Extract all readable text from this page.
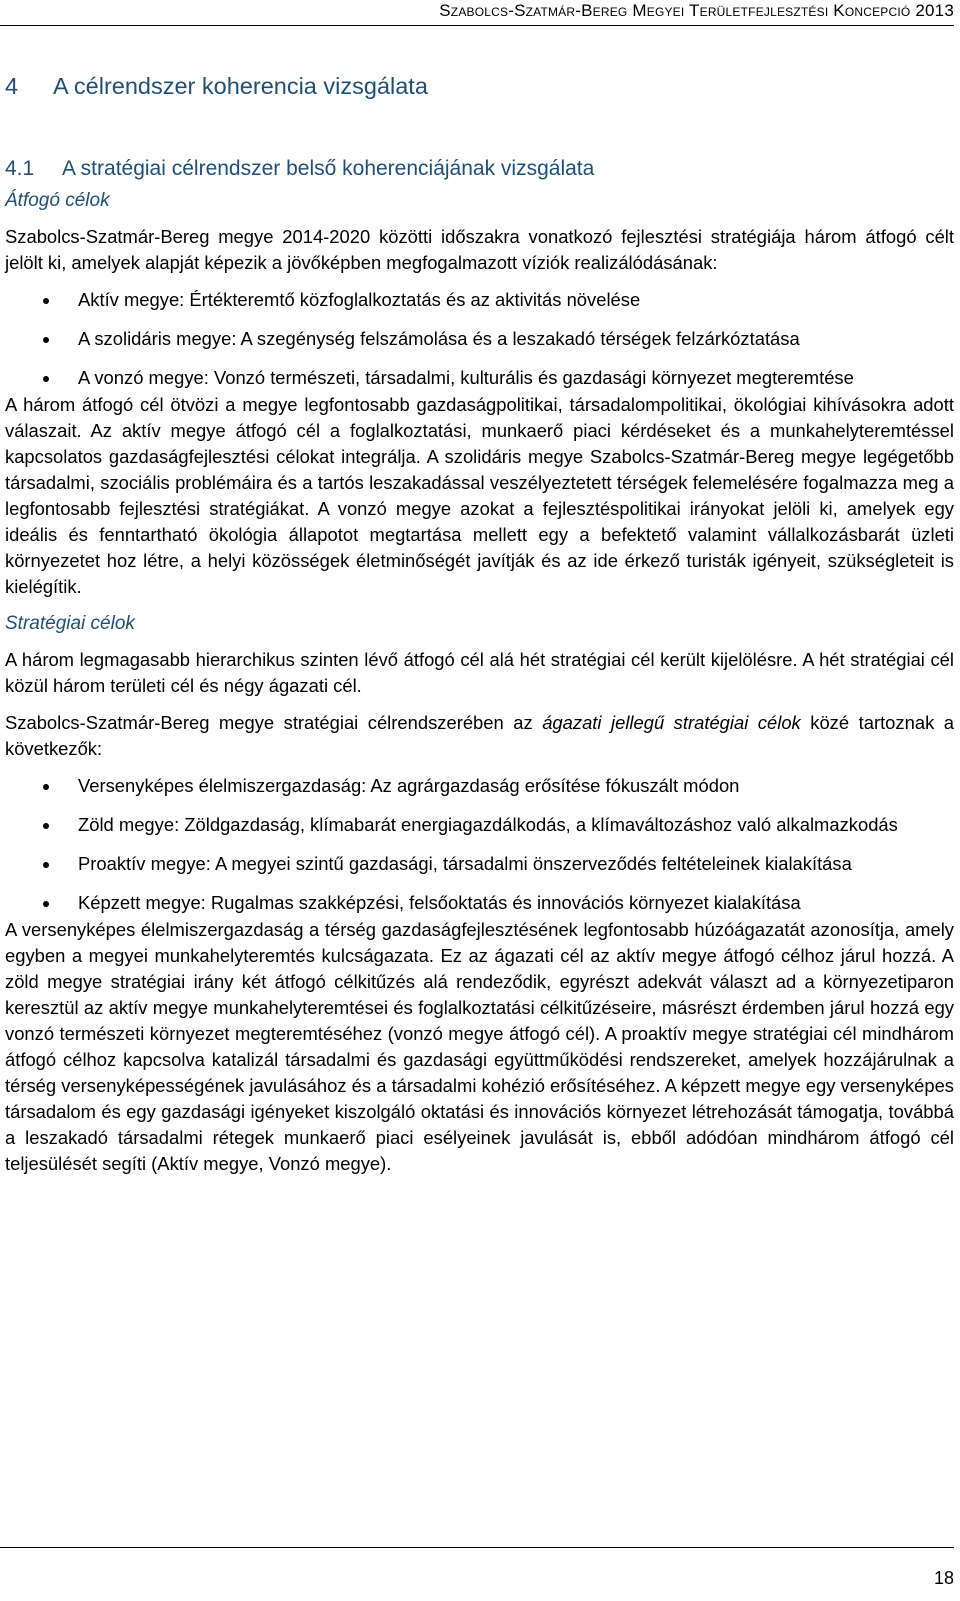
Szabolcs-Szatmár-Bereg Megyei Területfejlesztési Koncepció 2013
4 A célrendszer koherencia vizsgálata
4.1 A stratégiai célrendszer belső koherenciájának vizsgálata
Átfogó célok

Szabolcs-Szatmár-Bereg megye 2014-2020 közötti időszakra vonatkozó fejlesztési stratégiája három átfogó célt jelölt ki, amelyek alapját képezik a jövőképben megfogalmazott víziók realizálódásának:

Aktív megye: Értékteremtő közfoglalkoztatás és az aktivitás növelése
A szolidáris megye: A szegénység felszámolása és a leszakadó térségek felzárkóztatása
A vonzó megye: Vonzó természeti, társadalmi, kulturális és gazdasági környezet megteremtése

A három átfogó cél ötvözi a megye legfontosabb gazdaságpolitikai, társadalompolitikai, ökológiai kihívásokra adott válaszait. Az aktív megye átfogó cél a foglalkoztatási, munkaerő piaci kérdéseket és a munkahelyteremtéssel kapcsolatos gazdaságfejlesztési célokat integrálja. A szolidáris megye Szabolcs-Szatmár-Bereg megye legégetőbb társadalmi, szociális problémáira és a tartós leszakadással veszélyeztetett térségek felemelésére fogalmazza meg a legfontosabb fejlesztési stratégiákat. A vonzó megye azokat a fejlesztéspolitikai irányokat jelöli ki, amelyek egy ideális és fenntartható ökológia állapotot megtartása mellett egy a befektető valamint vállalkozásbarát üzleti környezetet hoz létre, a helyi közösségek életminőségét javítják és az ide érkező turisták igényeit, szükségleteit is kielégítik.

Stratégiai célok

A három legmagasabb hierarchikus szinten lévő átfogó cél alá hét stratégiai cél került kijelölésre. A hét stratégiai cél közül három területi cél és négy ágazati cél.

Szabolcs-Szatmár-Bereg megye stratégiai célrendszerében az ágazati jellegű stratégiai célok közé tartoznak a következők:

Versenyképes élelmiszergazdaság: Az agrárgazdaság erősítése fókuszált módon
Zöld megye: Zöldgazdaság, klímabarát energiagazdálkodás, a klímaváltozáshoz való alkalmazkodás
Proaktív megye: A megyei szintű gazdasági, társadalmi önszerveződés feltételeinek kialakítása
Képzett megye: Rugalmas szakképzési, felsőoktatás és innovációs környezet kialakítása

A versenyképes élelmiszergazdaság a térség gazdaságfejlesztésének legfontosabb húzóágazatát azonosítja, amely egyben a megyei munkahelyteremtés kulcságazata. Ez az ágazati cél az aktív megye átfogó célhoz járul hozzá. A zöld megye stratégiai irány két átfogó célkitűzés alá rendeződik, egyrészt adekvát választ ad a környezetiparon keresztül az aktív megye munkahelyteremtései és foglalkoztatási célkitűzéseire, másrészt érdemben járul hozzá egy vonzó természeti környezet megteremtéséhez (vonzó megye átfogó cél). A proaktív megye stratégiai cél mindhárom átfogó célhoz kapcsolva katalizál társadalmi és gazdasági együttműködési rendszereket, amelyek hozzájárulnak a térség versenyképességének javulásához és a társadalmi kohézió erősítéséhez. A képzett megye egy versenyképes társadalom és egy gazdasági igényeket kiszolgáló oktatási és innovációs környezet létrehozását támogatja, továbbá a leszakadó társadalmi rétegek munkaerő piaci esélyeinek javulását is, ebből adódóan mindhárom átfogó cél teljesülését segíti (Aktív megye, Vonzó megye).

18
